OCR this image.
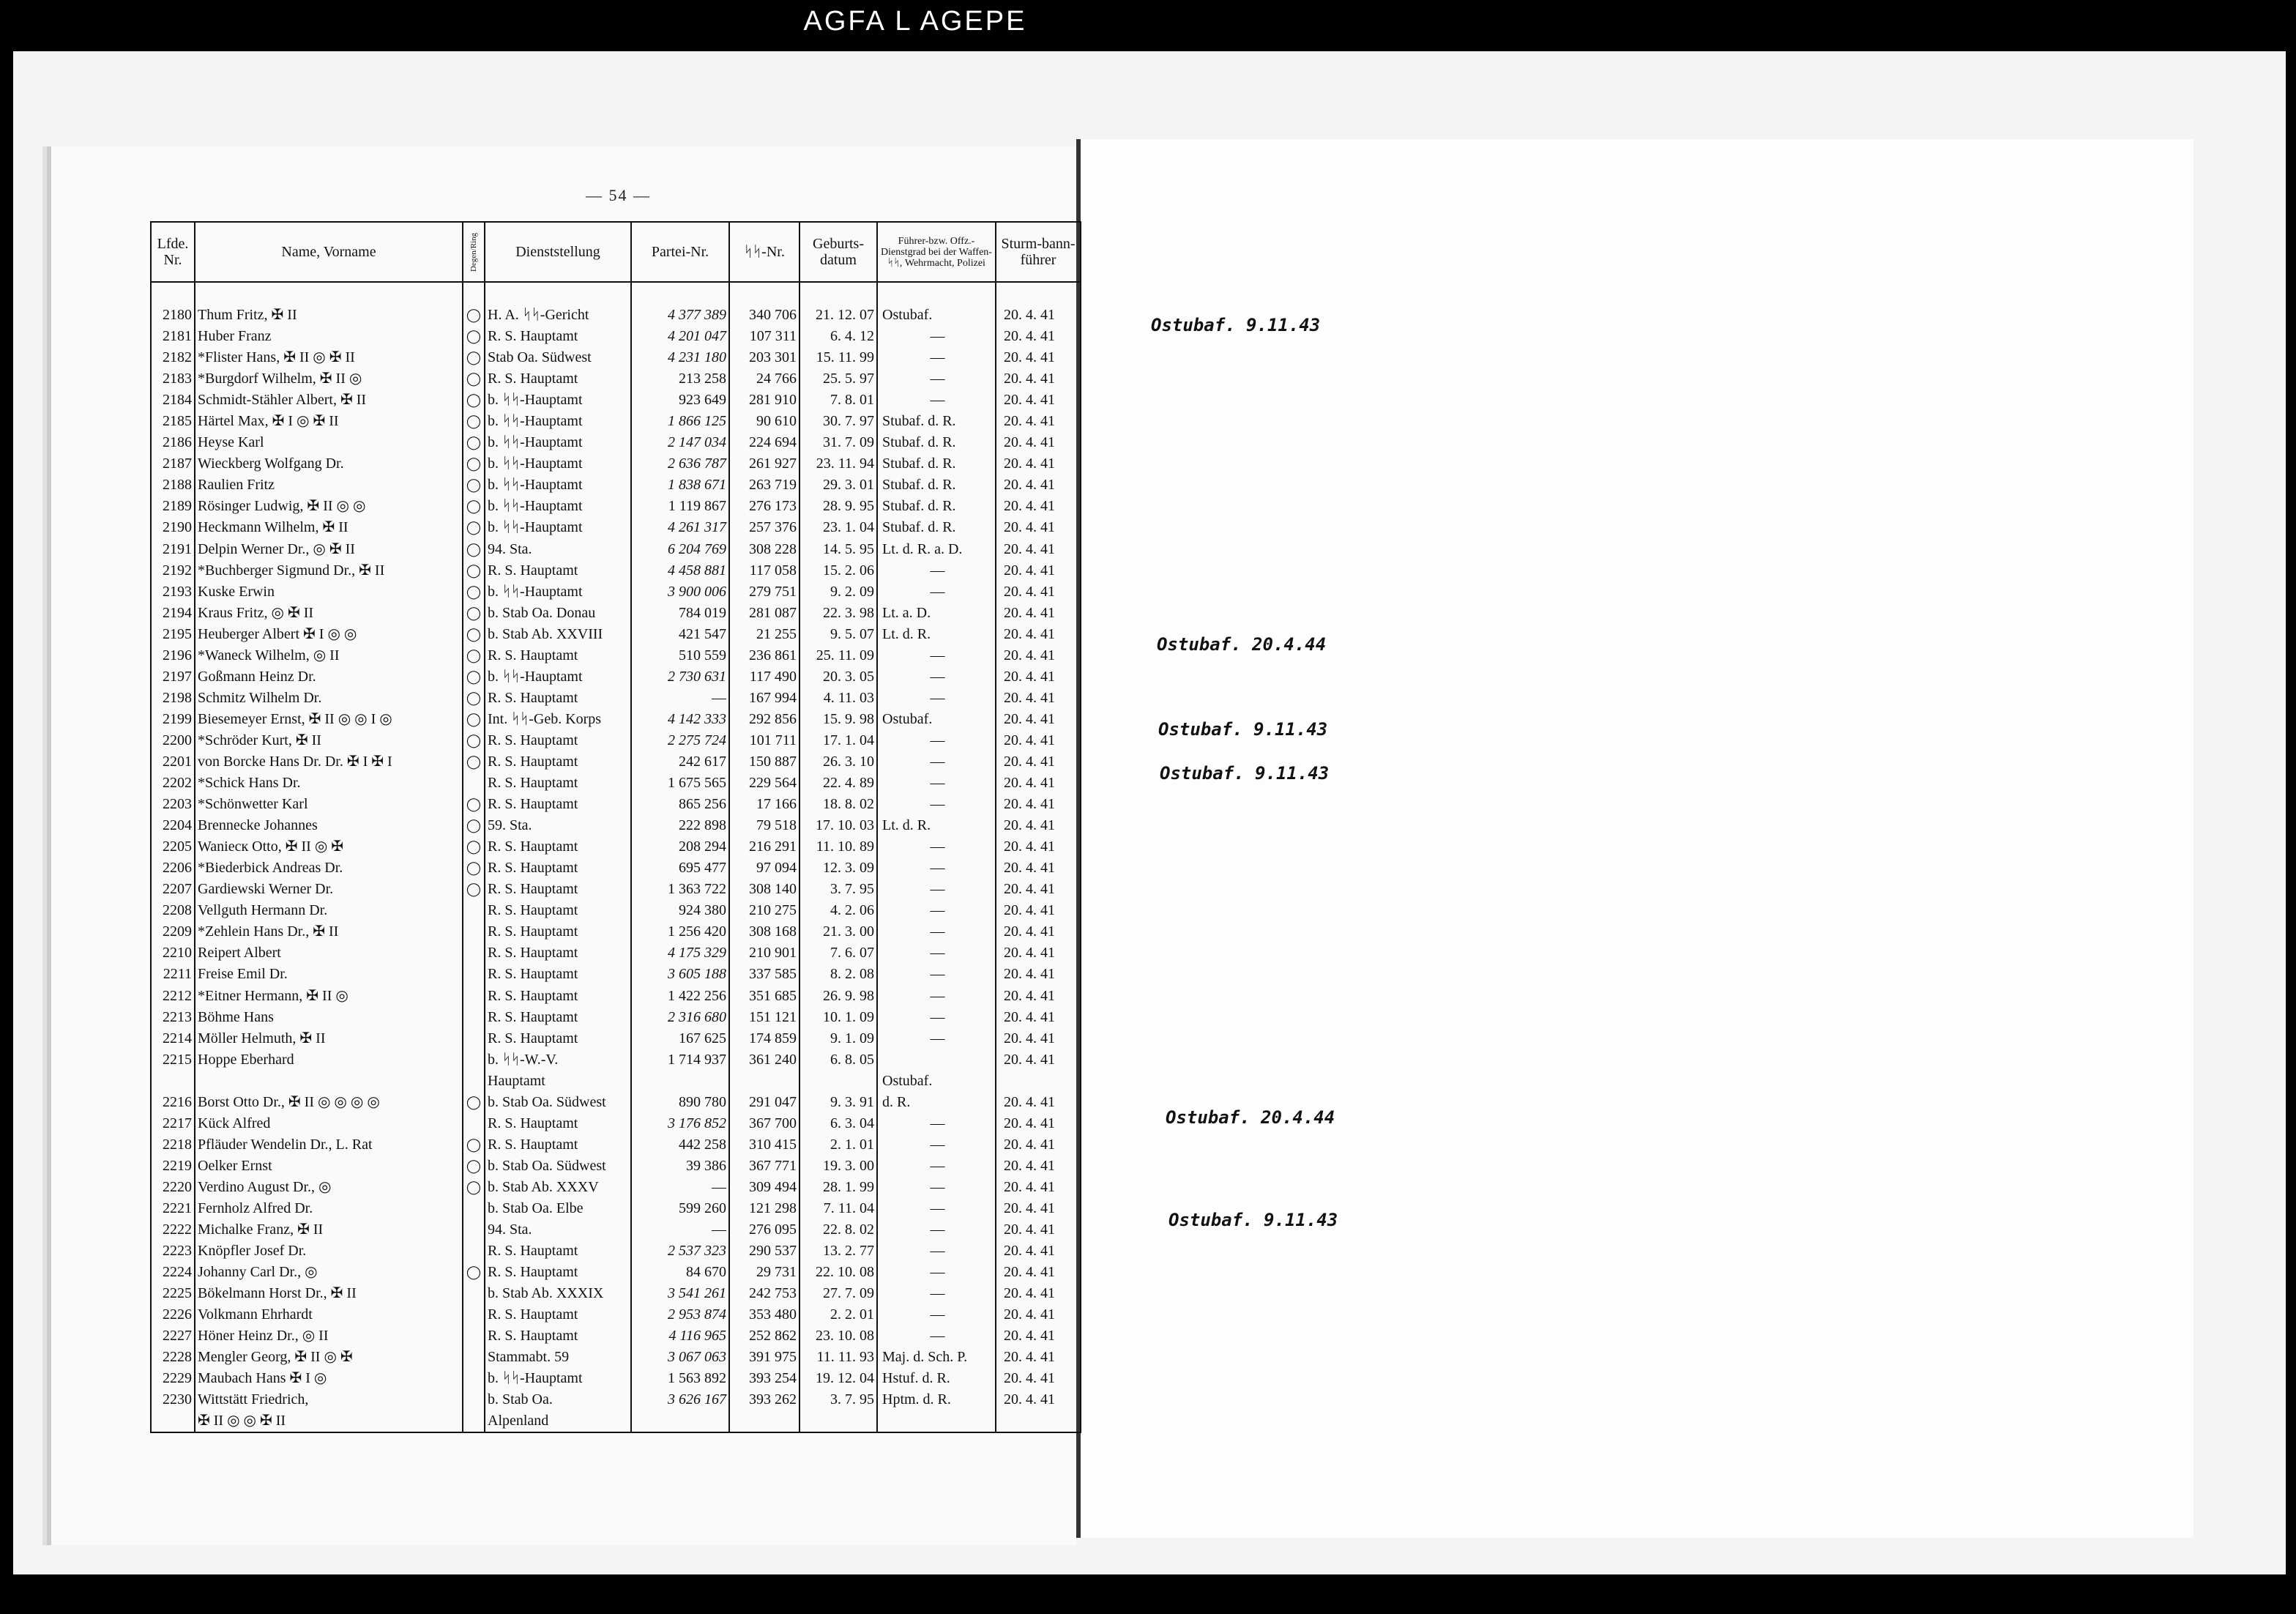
AGFA L AGEPE
— 54 —
Lfde. Nr.	Name, Vorname	Degen/Ring	Dienststellung	Partei-Nr.	ᛋᛋ-Nr.	Geburts-datum	Führer-bzw. Offz.-Dienstgrad bei der Waffen-ᛋᛋ, Wehrmacht, Polizei	Sturm-bann-führer

2180	Thum Fritz, ✠ II	◯	H. A. ᛋᛋ-Gericht	4 377 389	340 706	21. 12. 07	Ostubaf.	20. 4. 41
2181	Huber Franz	◯	R. S. Hauptamt	4 201 047	107 311	6. 4. 12	—	20. 4. 41
2182	*Flister Hans, ✠ II ◎ ✠ II	◯	Stab Oa. Südwest	4 231 180	203 301	15. 11. 99	—	20. 4. 41
2183	*Burgdorf Wilhelm, ✠ II ◎	◯	R. S. Hauptamt	213 258	24 766	25. 5. 97	—	20. 4. 41
2184	Schmidt-Stähler Albert, ✠ II	◯	b. ᛋᛋ-Hauptamt	923 649	281 910	7. 8. 01	—	20. 4. 41
2185	Härtel Max, ✠ I ◎ ✠ II	◯	b. ᛋᛋ-Hauptamt	1 866 125	90 610	30. 7. 97	Stubaf. d. R.	20. 4. 41
2186	Heyse Karl	◯	b. ᛋᛋ-Hauptamt	2 147 034	224 694	31. 7. 09	Stubaf. d. R.	20. 4. 41
2187	Wieckberg Wolfgang Dr.	◯	b. ᛋᛋ-Hauptamt	2 636 787	261 927	23. 11. 94	Stubaf. d. R.	20. 4. 41
2188	Raulien Fritz	◯	b. ᛋᛋ-Hauptamt	1 838 671	263 719	29. 3. 01	Stubaf. d. R.	20. 4. 41
2189	Rösinger Ludwig, ✠ II ◎ ◎	◯	b. ᛋᛋ-Hauptamt	1 119 867	276 173	28. 9. 95	Stubaf. d. R.	20. 4. 41
2190	Heckmann Wilhelm, ✠ II	◯	b. ᛋᛋ-Hauptamt	4 261 317	257 376	23. 1. 04	Stubaf. d. R.	20. 4. 41
2191	Delpin Werner Dr., ◎ ✠ II	◯	94. Sta.	6 204 769	308 228	14. 5. 95	Lt. d. R. a. D.	20. 4. 41
2192	*Buchberger Sigmund Dr., ✠ II	◯	R. S. Hauptamt	4 458 881	117 058	15. 2. 06	—	20. 4. 41
2193	Kuske Erwin	◯	b. ᛋᛋ-Hauptamt	3 900 006	279 751	9. 2. 09	—	20. 4. 41
2194	Kraus Fritz, ◎ ✠ II	◯	b. Stab Oa. Donau	784 019	281 087	22. 3. 98	Lt. a. D.	20. 4. 41
2195	Heuberger Albert ✠ I ◎ ◎	◯	b. Stab Ab. XXVIII	421 547	21 255	9. 5. 07	Lt. d. R.	20. 4. 41
2196	*Waneck Wilhelm, ◎ II	◯	R. S. Hauptamt	510 559	236 861	25. 11. 09	—	20. 4. 41
2197	Goßmann Heinz Dr.	◯	b. ᛋᛋ-Hauptamt	2 730 631	117 490	20. 3. 05	—	20. 4. 41
2198	Schmitz Wilhelm Dr.	◯	R. S. Hauptamt	—	167 994	4. 11. 03	—	20. 4. 41
2199	Biesemeyer Ernst, ✠ II ◎ ◎ I ◎	◯	Int. ᛋᛋ-Geb. Korps	4 142 333	292 856	15. 9. 98	Ostubaf.	20. 4. 41
2200	*Schröder Kurt, ✠ II	◯	R. S. Hauptamt	2 275 724	101 711	17. 1. 04	—	20. 4. 41
2201	von Borcke Hans Dr. Dr. ✠ I ✠ I	◯	R. S. Hauptamt	242 617	150 887	26. 3. 10	—	20. 4. 41
2202	*Schick Hans Dr.		R. S. Hauptamt	1 675 565	229 564	22. 4. 89	—	20. 4. 41
2203	*Schönwetter Karl	◯	R. S. Hauptamt	865 256	17 166	18. 8. 02	—	20. 4. 41
2204	Brennecke Johannes	◯	59. Sta.	222 898	79 518	17. 10. 03	Lt. d. R.	20. 4. 41
2205	Waniecк Otto, ✠ II ◎ ✠	◯	R. S. Hauptamt	208 294	216 291	11. 10. 89	—	20. 4. 41
2206	*Biederbick Andreas Dr.	◯	R. S. Hauptamt	695 477	97 094	12. 3. 09	—	20. 4. 41
2207	Gardiewski Werner Dr.	◯	R. S. Hauptamt	1 363 722	308 140	3. 7. 95	—	20. 4. 41
2208	Vellguth Hermann Dr.		R. S. Hauptamt	924 380	210 275	4. 2. 06	—	20. 4. 41
2209	*Zehlein Hans Dr., ✠ II		R. S. Hauptamt	1 256 420	308 168	21. 3. 00	—	20. 4. 41
2210	Reipert Albert		R. S. Hauptamt	4 175 329	210 901	7. 6. 07	—	20. 4. 41
2211	Freise Emil Dr.		R. S. Hauptamt	3 605 188	337 585	8. 2. 08	—	20. 4. 41
2212	*Eitner Hermann, ✠ II ◎		R. S. Hauptamt	1 422 256	351 685	26. 9. 98	—	20. 4. 41
2213	Böhme Hans		R. S. Hauptamt	2 316 680	151 121	10. 1. 09	—	20. 4. 41
2214	Möller Helmuth, ✠ II		R. S. Hauptamt	167 625	174 859	9. 1. 09	—	20. 4. 41
2215	Hoppe Eberhard		b. ᛋᛋ-W.-V.	1 714 937	361 240	6. 8. 05		20. 4. 41
			Hauptamt				Ostubaf.	
2216	Borst Otto Dr., ✠ II ◎ ◎ ◎ ◎	◯	b. Stab Oa. Südwest	890 780	291 047	9. 3. 91	d. R.	20. 4. 41
2217	Kück Alfred		R. S. Hauptamt	3 176 852	367 700	6. 3. 04	—	20. 4. 41
2218	Pfläuder Wendelin Dr., L. Rat	◯	R. S. Hauptamt	442 258	310 415	2. 1. 01	—	20. 4. 41
2219	Oelker Ernst	◯	b. Stab Oa. Südwest	39 386	367 771	19. 3. 00	—	20. 4. 41
2220	Verdino August Dr., ◎	◯	b. Stab Ab. XXXV	—	309 494	28. 1. 99	—	20. 4. 41
2221	Fernholz Alfred Dr.		b. Stab Oa. Elbe	599 260	121 298	7. 11. 04	—	20. 4. 41
2222	Michalke Franz, ✠ II		94. Sta.	—	276 095	22. 8. 02	—	20. 4. 41
2223	Knöpfler Josef Dr.		R. S. Hauptamt	2 537 323	290 537	13. 2. 77	—	20. 4. 41
2224	Johanny Carl Dr., ◎	◯	R. S. Hauptamt	84 670	29 731	22. 10. 08	—	20. 4. 41
2225	Bökelmann Horst Dr., ✠ II		b. Stab Ab. XXXIX	3 541 261	242 753	27. 7. 09	—	20. 4. 41
2226	Volkmann Ehrhardt		R. S. Hauptamt	2 953 874	353 480	2. 2. 01	—	20. 4. 41
2227	Höner Heinz Dr., ◎ II		R. S. Hauptamt	4 116 965	252 862	23. 10. 08	—	20. 4. 41
2228	Mengler Georg, ✠ II ◎ ✠		Stammabt. 59	3 067 063	391 975	11. 11. 93	Maj. d. Sch. P.	20. 4. 41
2229	Maubach Hans ✠ I ◎		b. ᛋᛋ-Hauptamt	1 563 892	393 254	19. 12. 04	Hstuf. d. R.	20. 4. 41
2230	Wittstätt Friedrich,		b. Stab Oa.	3 626 167	393 262	3. 7. 95	Hptm. d. R.	20. 4. 41
	✠ II ◎ ◎ ✠ II		Alpenland					
Ostubaf. 9.11.43
Ostubaf. 20.4.44
Ostubaf. 9.11.43
Ostubaf. 9.11.43
Ostubaf. 20.4.44
Ostubaf. 9.11.43
